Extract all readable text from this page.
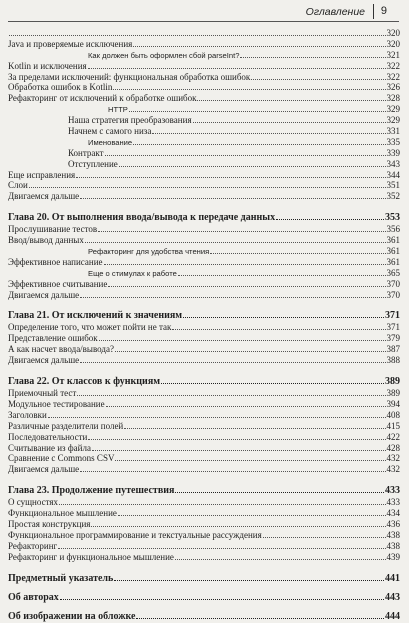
Оглавление 9
320
Java и проверяемые исключения	320
Как должен быть оформлен сбой parseInt?	321
Kotlin и исключения	322
За пределами исключений: функциональная обработка ошибок	322
Обработка ошибок в Kotlin	326
Рефакторинг от исключений к обработке ошибок	328
HTTP	329
Наша стратегия преобразования	329
Начнем с самого низа	331
Именование	335
Контракт	339
Отступление	343
Еще исправления	344
Слои	351
Двигаемся дальше	352
Глава 20. От выполнения ввода/вывода к передаче данных	353
Прослушивание тестов	356
Ввод/вывод данных	361
Рефакторинг для удобства чтения	361
Эффективное написание	361
Еще о стимулах к работе	365
Эффективное считывание	370
Двигаемся дальше	370
Глава 21. От исключений к значениям	371
Определение того, что может пойти не так	371
Представление ошибок	379
А как насчет ввода/вывода?	387
Двигаемся дальше	388
Глава 22. От классов к функциям	389
Приемочный тест	389
Модульное тестирование	394
Заголовки	408
Различные разделители полей	415
Последовательности	422
Считывание из файла	428
Сравнение с Commons CSV	432
Двигаемся дальше	432
Глава 23. Продолжение путешествия	433
О сущностях	433
Функциональное мышление	434
Простая конструкция	436
Функциональное программирование и текстуальные рассуждения	438
Рефакторинг	438
Рефакторинг и функциональное мышление	439
Предметный указатель	441
Об авторах	443
Об изображении на обложке	444
